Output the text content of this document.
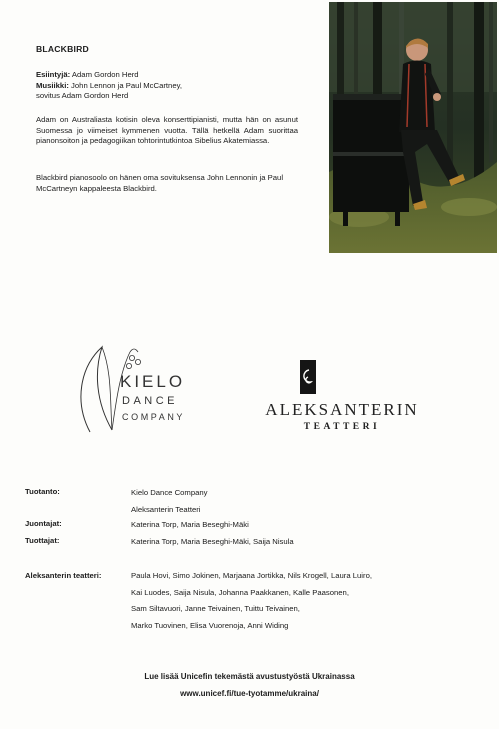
BLACKBIRD
Esiintyjä: Adam Gordon Herd
Musiikki: John Lennon ja Paul McCartney,
sovitus Adam Gordon Herd
Adam on Australiasta kotisin oleva konserttipianisti, mutta hän on asunut Suomessa jo viimeiset kymmenen vuotta. Tällä hetkellä Adam suorittaa pianonsoiton ja pedagogiikan tohtorintutkintoa Sibelius Akatemiassa.
Blackbird pianosoolo on hänen oma sovituksensa John Lennonin ja Paul McCartneyn kappaleesta Blackbird.
KIELO
DANCE
COMPANY	ALEKSANTERIN
TEATTERI
Tuotanto:	Kielo Dance Company
Aleksanterin Teatteri
Juontajat:	Katerina Torp, Maria Beseghi-Mäki
Tuottajat:	Katerina Torp, Maria Beseghi-Mäki, Saija Nisula
Aleksanterin teatteri:	Paula Hovi, Simo Jokinen, Marjaana Jortikka, Nils Krogell, Laura Luiro,
Kai Luodes, Saija Nisula, Johanna Paakkanen, Kalle Paasonen,
Sam Siltavuori, Janne Teivainen, Tuittu Teivainen,
Marko Tuovinen, Elisa Vuorenoja, Anni Widing
Lue lisää Unicefin tekemästä avustustyöstä Ukrainassa
www.unicef.fi/tue-tyotamme/ukraina/
